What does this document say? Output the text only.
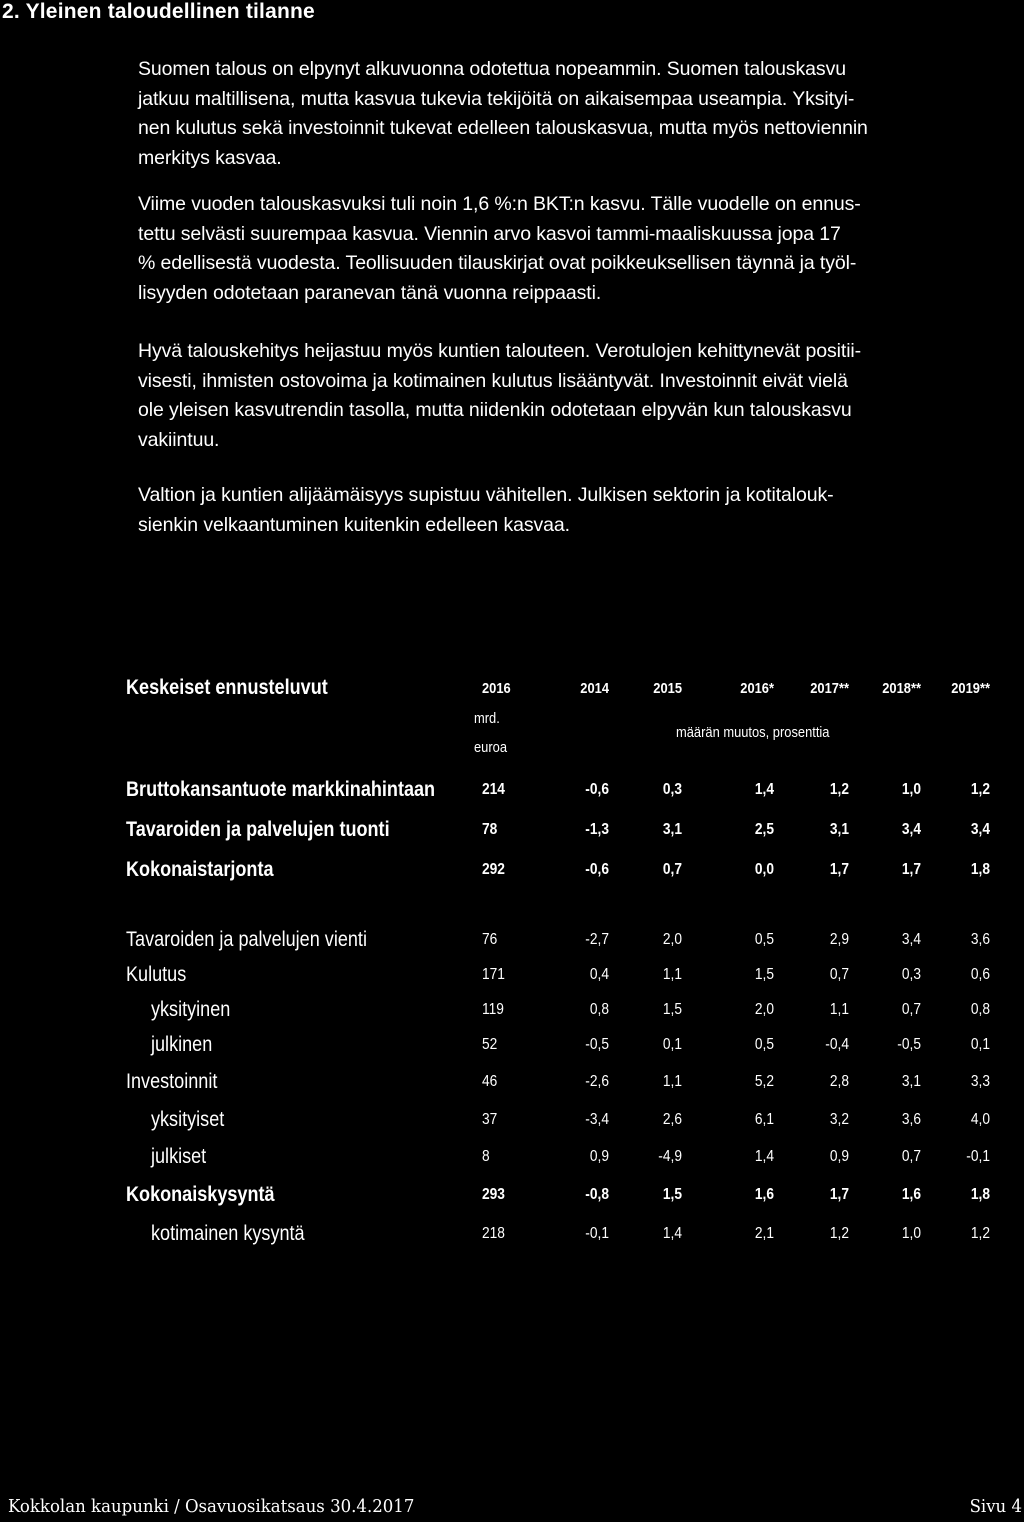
2. Yleinen taloudellinen tilanne
Suomen talous on elpynyt alkuvuonna odotettua nopeammin. Suomen talouskasvu
jatkuu maltillisena, mutta kasvua tukevia tekijöitä on aikaisempaa useampia. Yksityi-
nen kulutus sekä investoinnit tukevat edelleen talouskasvua, mutta myös nettoviennin
merkitys kasvaa.
Viime vuoden talouskasvuksi tuli noin 1,6 %:n BKT:n kasvu. Tälle vuodelle on ennus-
tettu selvästi suurempaa kasvua. Viennin arvo kasvoi tammi-maaliskuussa jopa 17
% edellisestä vuodesta. Teollisuuden tilauskirjat ovat poikkeuksellisen täynnä ja työl-
lisyyden odotetaan paranevan tänä vuonna reippaasti.
Hyvä talouskehitys heijastuu myös kuntien talouteen. Verotulojen kehittynevät positii-
visesti, ihmisten ostovoima ja kotimainen kulutus lisääntyvät. Investoinnit eivät vielä
ole yleisen kasvutrendin tasolla, mutta niidenkin odotetaan elpyvän kun talouskasvu
vakiintuu.
Valtion ja kuntien alijäämäisyys supistuu vähitellen. Julkisen sektorin ja kotitalouk-
sienkin velkaantuminen kuitenkin edelleen kasvaa.
Keskeiset ennusteluvut	2016	2014	2015	2016* 2017** 2018** 2019**
mrd.
euroa
määrän muutos, prosenttia
Bruttokansantuote markkinahintaan	214	-0,6	0,3	1,4	1,2	1,0	1,2
Tavaroiden ja palvelujen tuonti	78	-1,3	3,1	2,5	3,1	3,4	3,4
Kokonaistarjonta	292	-0,6	0,7	0,0	1,7	1,7	1,8
Tavaroiden ja palvelujen vienti	76	-2,7	2,0	0,5	2,9	3,4	3,6
Kulutus	171	0,4	1,1	1,5	0,7	0,3	0,6
yksityinen	119	0,8	1,5	2,0	1,1	0,7	0,8
julkinen	52	-0,5	0,1	0,5	-0,4	-0,5	0,1
Investoinnit	46	-2,6	1,1	5,2	2,8	3,1	3,3
yksityiset	37	-3,4	2,6	6,1	3,2	3,6	4,0
julkiset	8	0,9	-4,9	1,4	0,9	0,7	-0,1
Kokonaiskysyntä	293	-0,8	1,5	1,6	1,7	1,6	1,8
kotimainen kysyntä	218	-0,1	1,4	2,1	1,2	1,0	1,2
Kokkolan kaupunki / Osavuosikatsaus 30.4.2017	Sivu 4
